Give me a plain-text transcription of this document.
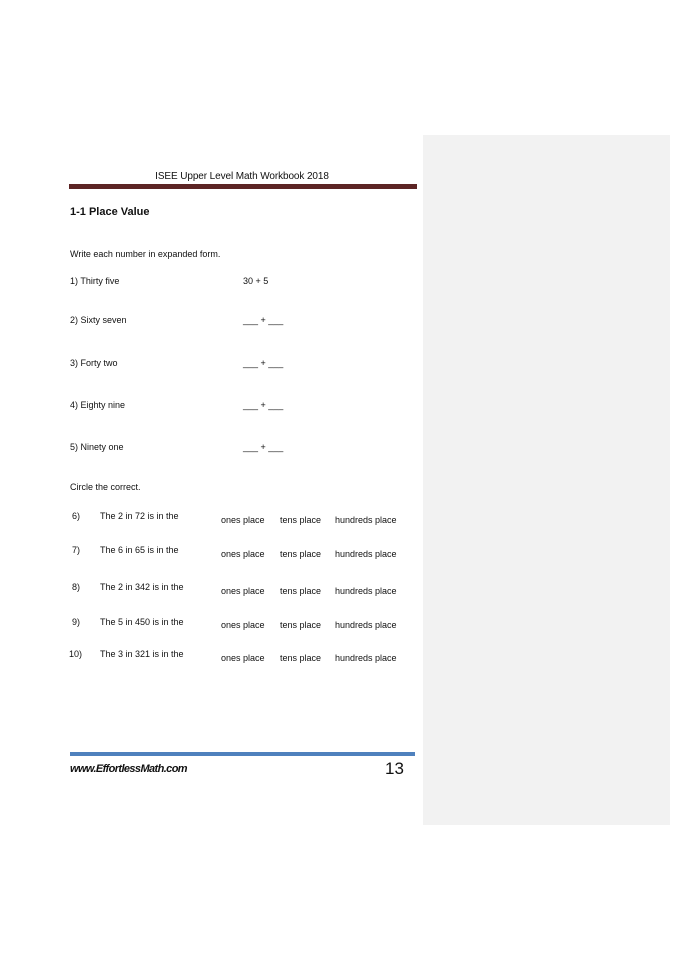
ISEE Upper Level Math Workbook 2018
1-1 Place Value
Write each number in expanded form.
1) Thirty five	30 + 5
2) Sixty seven	___ + ___
3) Forty two	___ + ___
4) Eighty nine	___ + ___
5) Ninety one	___ + ___
Circle the correct.
6) The 2 in 72 is in the	ones place tens place hundreds place
7) The 6 in 65 is in the	ones place tens place hundreds place
8) The 2 in 342 is in the	ones place tens place hundreds place
9) The 5 in 450 is in the	ones place tens place hundreds place
10) The 3 in 321 is in the	ones place tens place hundreds place
www.EffortlessMath.com	13
